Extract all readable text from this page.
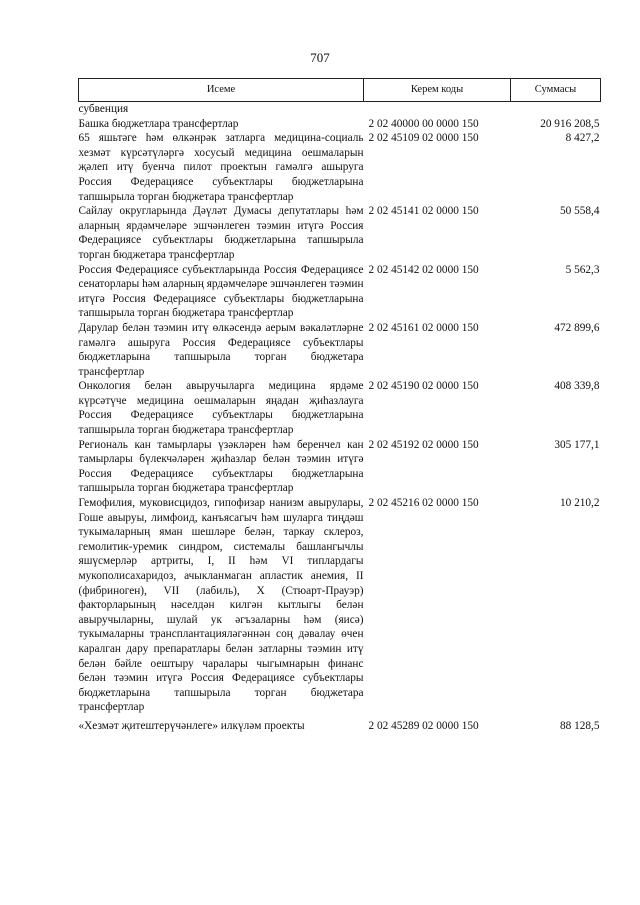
707
Исеме	Керем коды	Суммасы
субвенция		
Башка бюджетлара трансфертлар	2 02 40000 00 0000 150	20 916 208,5
65 яшьтәге һәм өлкәнрәк затларга медицина-социаль хезмәт күрсәтүләргә хосусый медицина оешмаларын җәлеп итү буенча пилот проектын гамәлгә ашыруга Россия Федерациясе субъектлары бюджетларына тапшырыла торган бюджетара трансфертлар	2 02 45109 02 0000 150	8 427,2
Сайлау округларында Дәүләт Думасы депутатлары һәм аларның ярдәмчеләре эшчәнлеген тәэмин итүгә Россия Федерациясе субъектлары бюджетларына тапшырыла торган бюджетара трансфертлар	2 02 45141 02 0000 150	50 558,4
Россия Федерациясе субъектларында Россия Федерациясе сенаторлары һәм аларның ярдәмчеләре эшчәнлеген тәэмин итүгә Россия Федерациясе субъектлары бюджетларына тапшырыла торган бюджетара трансфертлар	2 02 45142 02 0000 150	5 562,3
Дарулар белән тәэмин итү өлкәсендә аерым вәкаләтләрне гамәлгә ашыруга Россия Федерациясе субъектлары бюджетларына тапшырыла торган бюджетара трансфертлар	2 02 45161 02 0000 150	472 899,6
Онкология белән авыручыларга медицина ярдәме күрсәтүче медицина оешмаларын яңадан җиһазлауга Россия Федерациясе субъектлары бюджетларына тапшырыла торган бюджетара трансфертлар	2 02 45190 02 0000 150	408 339,8
Региональ кан тамырлары үзәкләрен һәм беренчел кан тамырлары бүлекчәләрен җиһазлар белән тәэмин итүгә Россия Федерациясе субъектлары бюджетларына тапшырыла торган бюджетара трансфертлар	2 02 45192 02 0000 150	305 177,1
Гемофилия, муковисцидоз, гипофизар нанизм авырулары, Гоше авыруы, лимфоид, канъясагыч һәм шуларга тиңдәш тукымаларның яман шешләре белән, таркау склероз, гемолитик-уремик синдром, системалы башлангычлы яшүсмерләр артриты, I, II һәм VI типлардагы мукополисахаридоз, ачыкланмаган апластик анемия, II (фибриноген), VII (лабиль), X (Стюарт-Прауэр) факторларының нәселдән килгән кытлыгы белән авыручыларны, шулай ук әгъзаларны һәм (яисә) тукымаларны трансплантацияләгәннән соң дәвалау өчен каралган дару препаратлары белән затларны тәэмин итү белән бәйле оештыру чаралары чыгымнарын финанс белән тәэмин итүгә Россия Федерациясе субъектлары бюджетларына тапшырыла торган бюджетара трансфертлар	2 02 45216 02 0000 150	10 210,2
«Хезмәт җитештерүчәнлеге» илкүләм проекты	2 02 45289 02 0000 150	88 128,5
